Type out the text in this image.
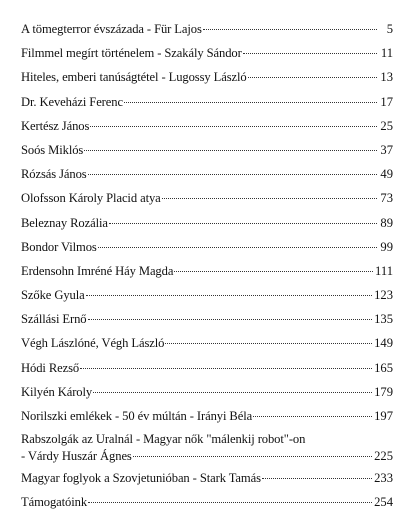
A tömegterror évszázada - Für Lajos	5
Filmmel megírt történelem - Szakály Sándor	11
Hiteles, emberi tanúságtétel - Lugossy László	13
Dr. Keveházi Ferenc	17
Kertész János	25
Soós Miklós	37
Rózsás János	49
Olofsson Károly Placid atya	73
Beleznay Rozália	89
Bondor Vilmos	99
Erdensohn Imréné Háy Magda	111
Szőke Gyula	123
Szállási Ernő	135
Végh Lászlóné, Végh László	149
Hódi Rezső	165
Kilyén Károly	179
Norilszki emlékek - 50 év múltán - Irányi Béla	197
Rabszolgák az Uralnál - Magyar nők "málenkij robot"-on
- Várdy Huszár Ágnes	225
Magyar foglyok a Szovjetunióban - Stark Tamás	233
Támogatóink	254
